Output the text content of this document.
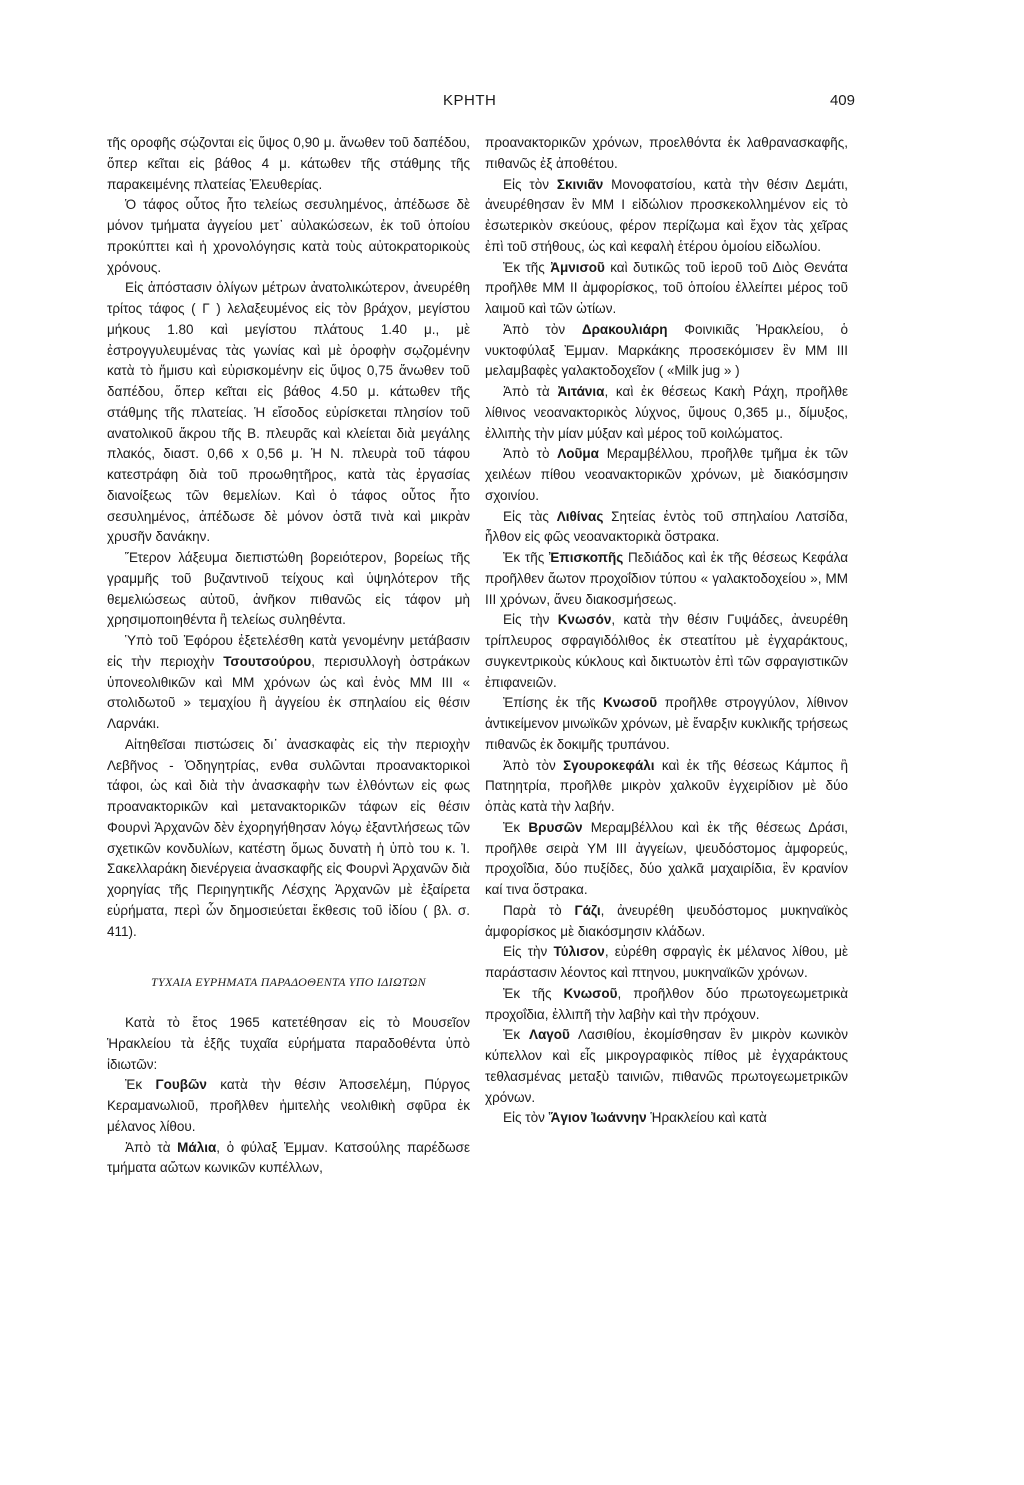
ΚΡΗΤΗ	409

τῆς οροφῆς σῴζονται εἰς ὕψος 0,90 μ. ἄνωθεν τοῦ δαπέδου, ὅπερ κεῖται εἰς βάθος 4 μ. κάτωθεν τῆς στάθμης τῆς παρακειμένης πλατείας Ἐλευθερίας.

Ὁ τάφος οὗτος ἦτο τελείως σεσυλημένος, ἀπέδωσε δὲ μόνον τμήματα ἀγγείου μετ᾽ αὐλακώσεων, ἐκ τοῦ ὁποίου προκύπτει καὶ ἡ χρονολόγησις κατὰ τοὺς αὐτοκρατορικοὺς χρόνους.

Εἰς ἀπόστασιν ὀλίγων μέτρων ἀνατολικώτερον, ἀνευρέθη τρίτος τάφος ( Γ ) λελαξευμένος εἰς τὸν βράχον, μεγίστου μήκους 1.80 καὶ μεγίστου πλάτους 1.40 μ., μὲ ἐστρογγυλευμένας τὰς γωνίας καὶ μὲ ὀροφὴν σῳζομένην κατὰ τὸ ἥμισυ καὶ εὑρισκομένην εἰς ὕψος 0,75 ἄνωθεν τοῦ δαπέδου, ὅπερ κεῖται εἰς βάθος 4.50 μ. κάτωθεν τῆς στάθμης τῆς πλατείας. Ἡ εἴσοδος εὑρίσκεται πλησίον τοῦ ανατολικοῦ ἄκρου τῆς Β. πλευρᾶς καὶ κλείεται διὰ μεγάλης πλακός, διαστ. 0,66 x 0,56 μ. Ἡ Ν. πλευρὰ τοῦ τάφου κατεστράφη διὰ τοῦ προωθητῆρος, κατὰ τὰς ἐργασίας διανοίξεως τῶν θεμελίων. Καὶ ὁ τάφος οὗτος ἦτο σεσυλημένος, ἀπέδωσε δὲ μόνον ὀστᾶ τινὰ καὶ μικρὰν χρυσῆν δανάκην.

Ἕτερον λάξευμα διεπιστώθη βορειότερον, βορείως τῆς γραμμῆς τοῦ βυζαντινοῦ τείχους καὶ ὑψηλότερον τῆς θεμελιώσεως αὐτοῦ, ἀνῆκον πιθανῶς εἰς τάφον μὴ χρησιμοποιηθέντα ἢ τελείως συληθέντα.

Ὑπὸ τοῦ Ἐφόρου ἐξετελέσθη κατὰ γενομένην μετάβασιν εἰς τὴν περιοχὴν Τσουτσούρου, περισυλλογὴ ὀστράκων ὑπονεολιθικῶν καὶ ΜΜ χρόνων ὡς καὶ ἑνὸς ΜΜ ΙΙΙ « στολιδωτοῦ » τεμαχίου ἢ ἀγγείου ἐκ σπηλαίου εἰς θέσιν Λαρνάκι.

Αἰτηθεῖσαι πιστώσεις δι᾽ ἀνασκαφὰς εἰς τὴν περιοχὴν Λεβῆνος - Ὀδηγητρίας, ενθα συλῶνται προανακτορικοὶ τάφοι, ὡς καὶ διὰ τὴν ἀνασκαφὴν των ἐλθόντων εἰς φως προανακτορικῶν καὶ μετανακτορικῶν τάφων εἰς θέσιν Φουρνὶ Ἀρχανῶν δὲν ἐχορηγήθησαν λόγῳ ἐξαντλήσεως τῶν σχετικῶν κονδυλίων, κατέστη ὅμως δυνατὴ ἡ ὑπὸ του κ. Ἰ. Σακελλαράκη διενέργεια ἀνασκαφῆς εἰς Φουρνὶ Ἀρχανῶν διὰ χορηγίας τῆς Περιηγητικῆς Λέσχης Ἀρχανῶν μὲ ἐξαίρετα εὑρήματα, περὶ ὧν δημοσιεύεται ἔκθεσις τοῦ ἰδίου ( βλ. σ. 411).

ΤΥΧΑΙΑ ΕΥΡΗΜΑΤΑ ΠΑΡΑΔΟΘΕΝΤΑ ΥΠΟ ΙΔΙΩΤΩΝ

Κατὰ τὸ ἔτος 1965 κατετέθησαν εἰς τὸ Μουσεῖον Ἡρακλείου τὰ ἑξῆς τυχαῖα εὑρήματα παραδοθέντα ὑπὸ ἰδιωτῶν:

Ἐκ Γουβῶν κατὰ τὴν θέσιν Ἀποσελέμη, Πύργος Κεραμανωλιοῦ, προῆλθεν ἡμιτελὴς νεολιθικὴ σφῦρα ἐκ μέλανος λίθου.

Ἀπὸ τὰ Μάλια, ὁ φύλαξ Ἐμμαν. Κατσούλης παρέδωσε τμήματα αὤτων κωνικῶν κυπέλλων,

προανακτορικῶν χρόνων, προελθόντα ἐκ λαθρανασκαφῆς, πιθανῶς ἐξ ἀποθέτου.

Εἰς τὸν Σκινιᾶν Μονοφατσίου, κατὰ τὴν θέσιν Δεμάτι, ἀνευρέθησαν ἓν ΜΜ Ι εἰδώλιον προσκεκολλημένον εἰς τὸ ἐσωτερικὸν σκεύους, φέρον περίζωμα καὶ ἔχον τὰς χεῖρας ἐπὶ τοῦ στήθους, ὡς καὶ κεφαλὴ ἑτέρου ὁμοίου εἰδωλίου.

Ἐκ τῆς Ἀμνισοῦ καὶ δυτικῶς τοῦ ἱεροῦ τοῦ Διὸς Θενάτα προῆλθε ΜΜ ΙΙ ἀμφορίσκος, τοῦ ὁποίου ἐλλείπει μέρος τοῦ λαιμοῦ καὶ τῶν ὠτίων.

Ἀπὸ τὸν Δρακουλιάρη Φοινικιᾶς Ἡρακλείου, ὁ νυκτοφύλαξ Ἐμμαν. Μαρκάκης προσεκόμισεν ἓν ΜΜ ΙΙΙ μελαμβαφὲς γαλακτοδοχεῖον ( «Milk jug » )

Ἀπὸ τὰ Ἀιτάνια, καὶ ἐκ θέσεως Κακὴ Ράχη, προῆλθε λίθινος νεοανακτορικὸς λύχνος, ὕψους 0,365 μ., δίμυξος, ἐλλιπὴς τὴν μίαν μύξαν καὶ μέρος τοῦ κοιλώματος.

Ἀπὸ τὸ Λοῦμα Μεραμβέλλου, προῆλθε τμῆμα ἐκ τῶν χειλέων πίθου νεοανακτορικῶν χρόνων, μὲ διακόσμησιν σχοινίου.

Εἰς τὰς Λιθίνας Σητείας ἐντὸς τοῦ σπηλαίου Λατσίδα, ἦλθον εἰς φῶς νεοανακτορικὰ ὄστρακα.

Ἐκ τῆς Ἐπισκοπῆς Πεδιάδος καὶ ἐκ τῆς θέσεως Κεφάλα προῆλθεν ἄωτον προχοΐδιον τύπου « γαλακτοδοχείου », ΜΜ ΙΙΙ χρόνων, ἄνευ διακοσμήσεως.

Εἰς τὴν Κνωσόν, κατὰ τὴν θέσιν Γυψάδες, ἀνευρέθη τρίπλευρος σφραγιδόλιθος ἐκ στεατίτου μὲ ἐγχαράκτους, συγκεντρικοὺς κύκλους καὶ δικτυωτὸν ἐπὶ τῶν σφραγιστικῶν ἐπιφανειῶν.

Ἐπίσης ἐκ τῆς Κνωσοῦ προῆλθε στρογγύλον, λίθινον ἀντικείμενον μινωϊκῶν χρόνων, μὲ ἔναρξιν κυκλικῆς τρήσεως πιθανῶς ἐκ δοκιμῆς τρυπάνου.

Ἀπὸ τὸν Σγουροκεφάλι καὶ ἐκ τῆς θέσεως Κάμπος ἢ Πατηητρία, προῆλθε μικρὸν χαλκοῦν ἐγχειρίδιον μὲ δύο ὀπὰς κατὰ τὴν λαβήν.

Ἐκ Βρυσῶν Μεραμβέλλου καὶ ἐκ τῆς θέσεως Δράσι, προῆλθε σειρὰ ΥΜ ΙΙΙ ἀγγείων, ψευδόστομος ἀμφορεύς, προχοΐδια, δύο πυξίδες, δύο χαλκᾶ μαχαιρίδια, ἓν κρανίον καί τινα ὄστρακα.

Παρὰ τὸ Γάζι, ἀνευρέθη ψευδόστομος μυκηναϊκὸς ἀμφορίσκος μὲ διακόσμησιν κλάδων.

Εἰς τὴν Τύλισον, εὑρέθη σφραγὶς ἐκ μέλανος λίθου, μὲ παράστασιν λέοντος καὶ πτηνου, μυκηναϊκῶν χρόνων.

Ἐκ τῆς Κνωσοῦ, προῆλθον δύο πρωτογεωμετρικὰ προχοΐδια, ἐλλιπῆ τὴν λαβὴν καὶ τὴν πρόχουν.

Ἐκ Λαγοῦ Λασιθίου, ἐκομίσθησαν ἓν μικρὸν κωνικὸν κύπελλον καὶ εἷς μικρογραφικὸς πίθος μὲ ἐγχαράκτους τεθλασμένας μεταξὺ ταινιῶν, πιθανῶς πρωτογεωμετρικῶν χρόνων.

Εἰς τὸν Ἅγιον Ἰωάννην Ἡρακλείου καὶ κατὰ
